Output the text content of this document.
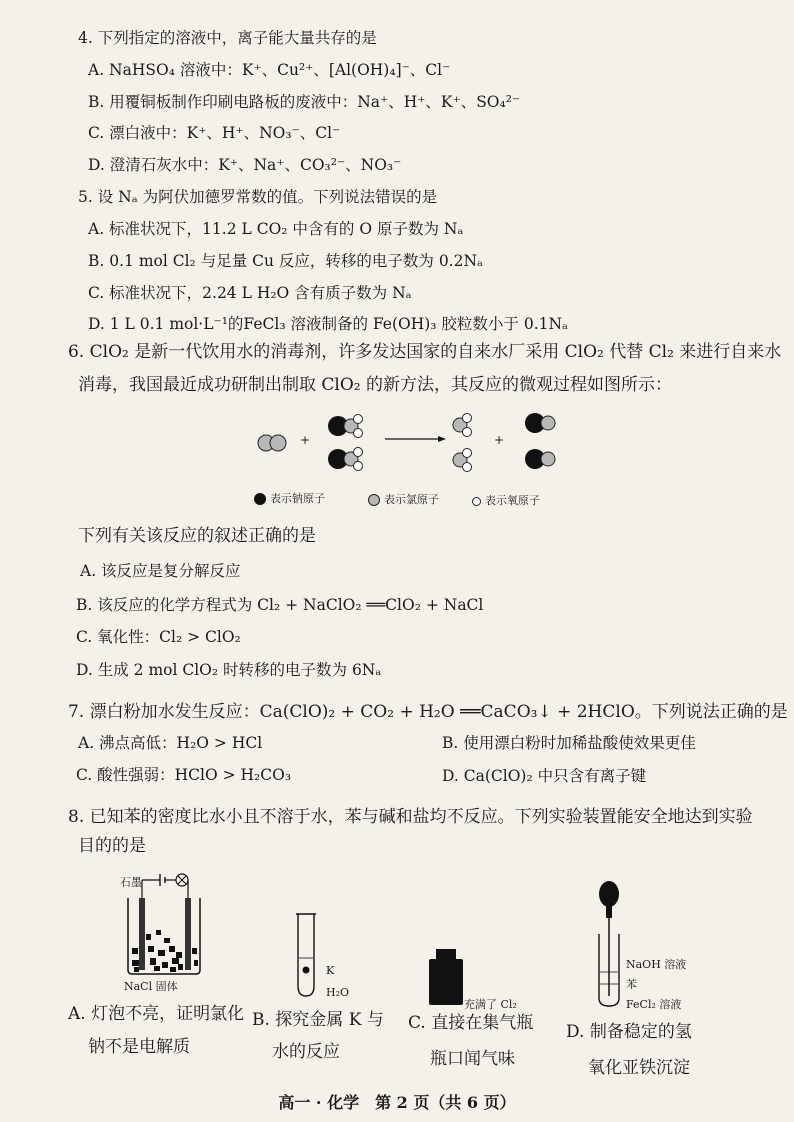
4. 下列指定的溶液中，离子能大量共存的是
A. NaHSO₄ 溶液中：K⁺、Cu²⁺、[Al(OH)₄]⁻、Cl⁻
B. 用覆铜板制作印刷电路板的废液中：Na⁺、H⁺、K⁺、SO₄²⁻
C. 漂白液中：K⁺、H⁺、NO₃⁻、Cl⁻
D. 澄清石灰水中：K⁺、Na⁺、CO₃²⁻、NO₃⁻
5. 设 Nₐ 为阿伏加德罗常数的值。下列说法错误的是
A. 标准状况下，11.2 L CO₂ 中含有的 O 原子数为 Nₐ
B. 0.1 mol Cl₂ 与足量 Cu 反应，转移的电子数为 0.2Nₐ
C. 标准状况下，2.24 L H₂O 含有质子数为 Nₐ
D. 1 L 0.1 mol·L⁻¹的FeCl₃ 溶液制备的 Fe(OH)₃ 胶粒数小于 0.1Nₐ
6. ClO₂ 是新一代饮用水的消毒剂，许多发达国家的自来水厂采用 ClO₂ 代替 Cl₂ 来进行自来水
消毒，我国最近成功研制出制取 ClO₂ 的新方法，其反应的微观过程如图所示：
+	+
表示钠原子	表示氯原子	表示氧原子
下列有关该反应的叙述正确的是
A. 该反应是复分解反应
B. 该反应的化学方程式为 Cl₂ + NaClO₂ ══ClO₂ + NaCl
C. 氧化性：Cl₂ > ClO₂
D. 生成 2 mol ClO₂ 时转移的电子数为 6Nₐ
7. 漂白粉加水发生反应：Ca(ClO)₂ + CO₂ + H₂O ══CaCO₃↓ + 2HClO。下列说法正确的是
A. 沸点高低：H₂O > HCl	B. 使用漂白粉时加稀盐酸使效果更佳
C. 酸性强弱：HClO > H₂CO₃	D. Ca(ClO)₂ 中只含有离子键
8. 已知苯的密度比水小且不溶于水，苯与碱和盐均不反应。下列实验装置能安全地达到实验
目的的是
石墨
NaCl 固体
K
H₂O
充满了 Cl₂
NaOH 溶液
苯
FeCl₂ 溶液
A. 灯泡不亮，证明氯化
钠不是电解质
B. 探究金属 K 与
水的反应
C. 直接在集气瓶
瓶口闻气味
D. 制备稳定的氢
氧化亚铁沉淀
高一 · 化学　第 2 页（共 6 页）
